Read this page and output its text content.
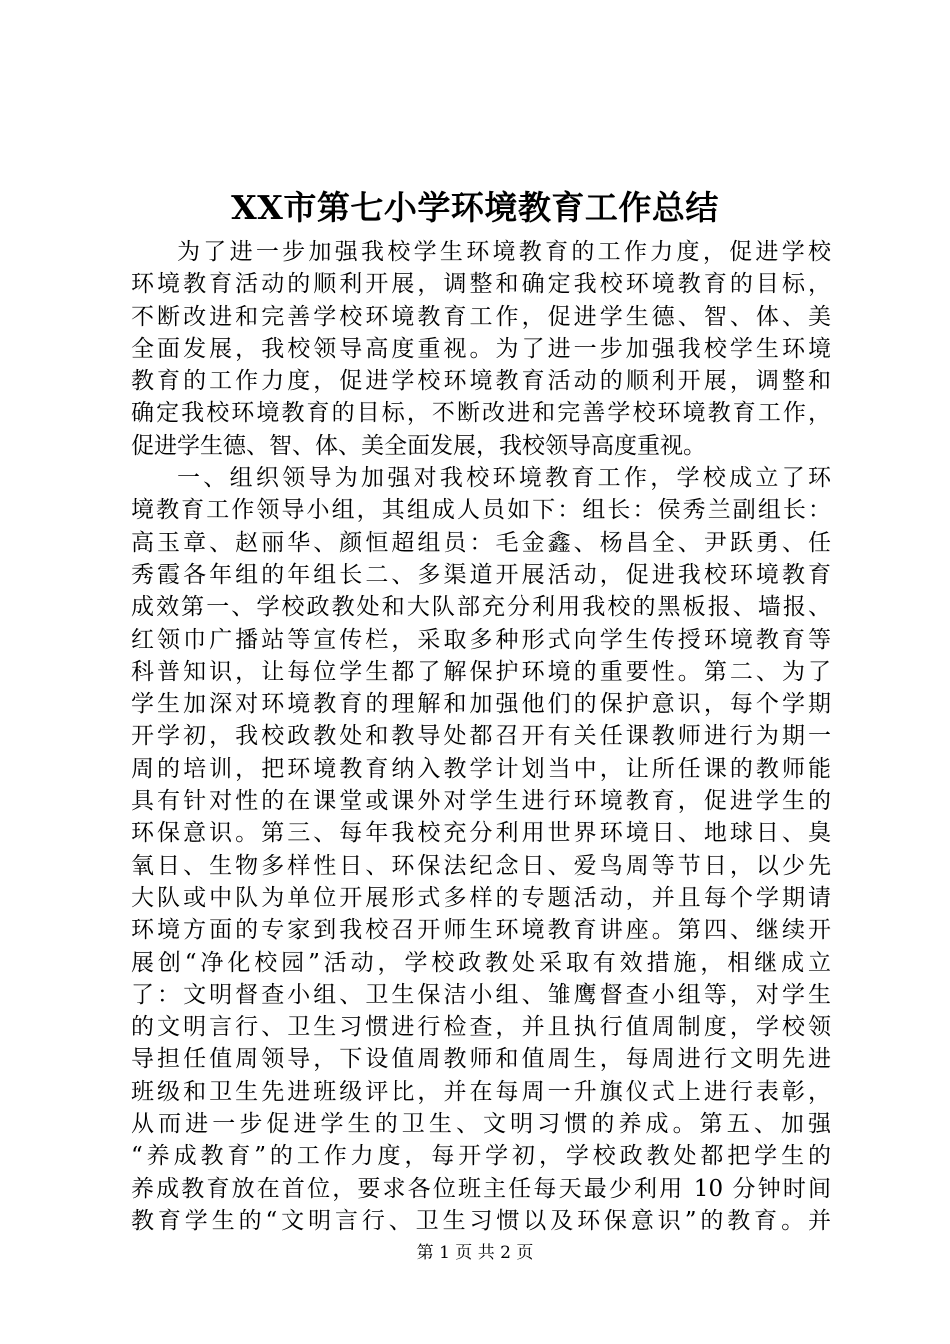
XX市第七小学环境教育工作总结
为了进一步加强我校学生环境教育的工作力度，促进学校
环境教育活动的顺利开展，调整和确定我校环境教育的目标，
不断改进和完善学校环境教育工作，促进学生德、智、体、美
全面发展，我校领导高度重视。为了进一步加强我校学生环境
教育的工作力度，促进学校环境教育活动的顺利开展，调整和
确定我校环境教育的目标，不断改进和完善学校环境教育工作，
促进学生德、智、体、美全面发展，我校领导高度重视。
一、组织领导为加强对我校环境教育工作，学校成立了环
境教育工作领导小组，其组成人员如下：组长：侯秀兰副组长：
高玉章、赵丽华、颜恒超组员：毛金鑫、杨昌全、尹跃勇、任
秀霞各年组的年组长二、多渠道开展活动，促进我校环境教育
成效第一、学校政教处和大队部充分利用我校的黑板报、墙报、
红领巾广播站等宣传栏，采取多种形式向学生传授环境教育等
科普知识，让每位学生都了解保护环境的重要性。第二、为了
学生加深对环境教育的理解和加强他们的保护意识，每个学期
开学初，我校政教处和教导处都召开有关任课教师进行为期一
周的培训，把环境教育纳入教学计划当中，让所任课的教师能
具有针对性的在课堂或课外对学生进行环境教育，促进学生的
环保意识。第三、每年我校充分利用世界环境日、地球日、臭
氧日、生物多样性日、环保法纪念日、爱鸟周等节日，以少先
大队或中队为单位开展形式多样的专题活动，并且每个学期请
环境方面的专家到我校召开师生环境教育讲座。第四、继续开
展创“净化校园”活动，学校政教处采取有效措施，相继成立
了：文明督查小组、卫生保洁小组、雏鹰督查小组等，对学生
的文明言行、卫生习惯进行检查，并且执行值周制度，学校领
导担任值周领导，下设值周教师和值周生，每周进行文明先进
班级和卫生先进班级评比，并在每周一升旗仪式上进行表彰，
从而进一步促进学生的卫生、文明习惯的养成。第五、加强
“养成教育”的工作力度，每开学初，学校政教处都把学生的
养成教育放在首位，要求各位班主任每天最少利用 10 分钟时间
教育学生的“文明言行、卫生习惯以及环保意识”的教育。并
第 1 页 共 2 页
